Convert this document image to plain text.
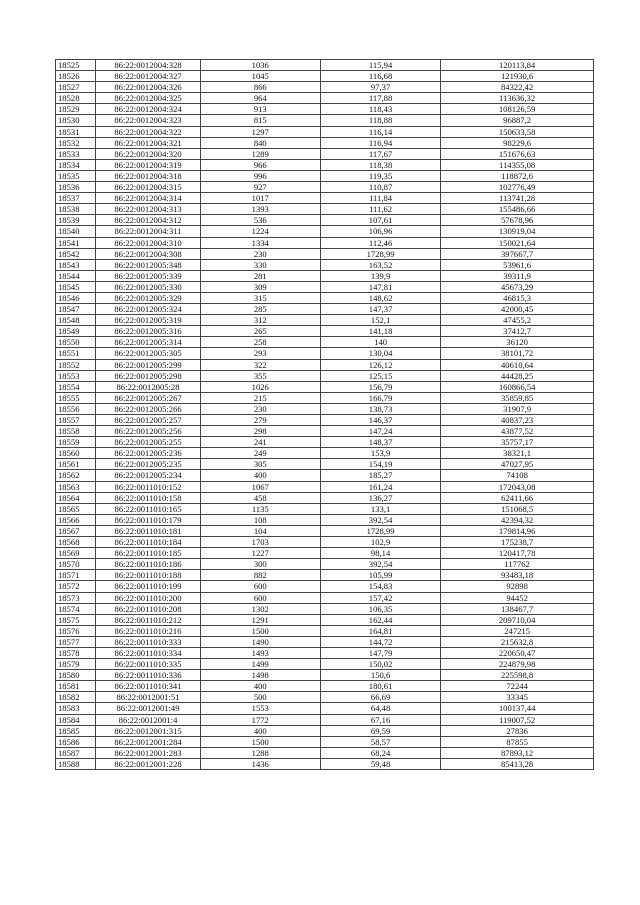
18525	86:22:0012004:328	1036	115,94	120113,84
18526	86:22:0012004:327	1045	116,68	121930,6
18527	86:22:0012004:326	866	97,37	84322,42
18528	86:22:0012004:325	964	117,88	113636,32
18529	86:22:0012004:324	913	118,43	108126,59
18530	86:22:0012004:323	815	118,88	96887,2
18531	86:22:0012004:322	1297	116,14	150633,58
18532	86:22:0012004:321	840	116,94	98229,6
18533	86:22:0012004:320	1289	117,67	151676,63
18534	86:22:0012004:319	966	118,38	114355,08
18535	86:22:0012004:318	996	119,35	118872,6
18536	86:22:0012004:315	927	110,87	102776,49
18537	86:22:0012004:314	1017	111,84	113741,28
18538	86:22:0012004:313	1393	111,62	155486,66
18539	86:22:0012004:312	536	107,61	57678,96
18540	86:22:0012004:311	1224	106,96	130919,04
18541	86:22:0012004:310	1334	112,46	150021,64
18542	86:22:0012004:308	230	1728,99	397667,7
18543	86:22:0012005:348	330	163,52	53961,6
18544	86:22:0012005:339	281	139,9	39311,9
18545	86:22:0012005:330	309	147,81	45673,29
18546	86:22:0012005:329	315	148,62	46815,3
18547	86:22:0012005:324	285	147,37	42000,45
18548	86:22:0012005:319	312	152,1	47455,2
18549	86:22:0012005:316	265	141,18	37412,7
18550	86:22:0012005:314	258	140	36120
18551	86:22:0012005:305	293	130,04	38101,72
18552	86:22:0012005:299	322	126,12	40610,64
18553	86:22:0012005:298	355	125,15	44428,25
18554	86:22:0012005:28	1026	156,79	160866,54
18555	86:22:0012005:267	215	166,79	35859,85
18556	86:22:0012005:266	230	138,73	31907,9
18557	86:22:0012005:257	279	146,37	40837,23
18558	86:22:0012005:256	298	147,24	43877,52
18559	86:22:0012005:255	241	148,37	35757,17
18560	86:22:0012005:236	249	153,9	38321,1
18561	86:22:0012005:235	305	154,19	47027,95
18562	86:22:0012005:234	400	185,27	74108
18563	86:22:0011010:152	1067	161,24	172043,08
18564	86:22:0011010:158	458	136,27	62411,66
18565	86:22:0011010:165	1135	133,1	151068,5
18566	86:22:0011010:179	108	392,54	42394,32
18567	86:22:0011010:181	104	1728,99	179814,96
18568	86:22:0011010:184	1703	102,9	175238,7
18569	86:22:0011010:185	1227	98,14	120417,78
18570	86:22:0011010:186	300	392,54	117762
18571	86:22:0011010:188	882	105,99	93483,18
18572	86:22:0011010:199	600	154,83	92898
18573	86:22:0011010:200	600	157,42	94452
18574	86:22:0011010:208	1302	106,35	138467,7
18575	86:22:0011010:212	1291	162,44	209710,04
18576	86:22:0011010:216	1500	164,81	247215
18577	86:22:0011010:333	1490	144,72	215632,8
18578	86:22:0011010:334	1493	147,79	220650,47
18579	86:22:0011010:335	1499	150,02	224879,98
18580	86:22:0011010:336	1498	150,6	225598,8
18581	86:22:0011010:341	400	180,61	72244
18582	86:22:0012001:51	500	66,69	33345
18583	86:22:0012001:49	1553	64,48	100137,44
18584	86:22:0012001:4	1772	67,16	119007,52
18585	86:22:0012001:315	400	69,59	27836
18586	86:22:0012001:284	1500	58,57	87855
18587	86:22:0012001:283	1288	68,24	87893,12
18588	86:22:0012001:228	1436	59,48	85413,28
